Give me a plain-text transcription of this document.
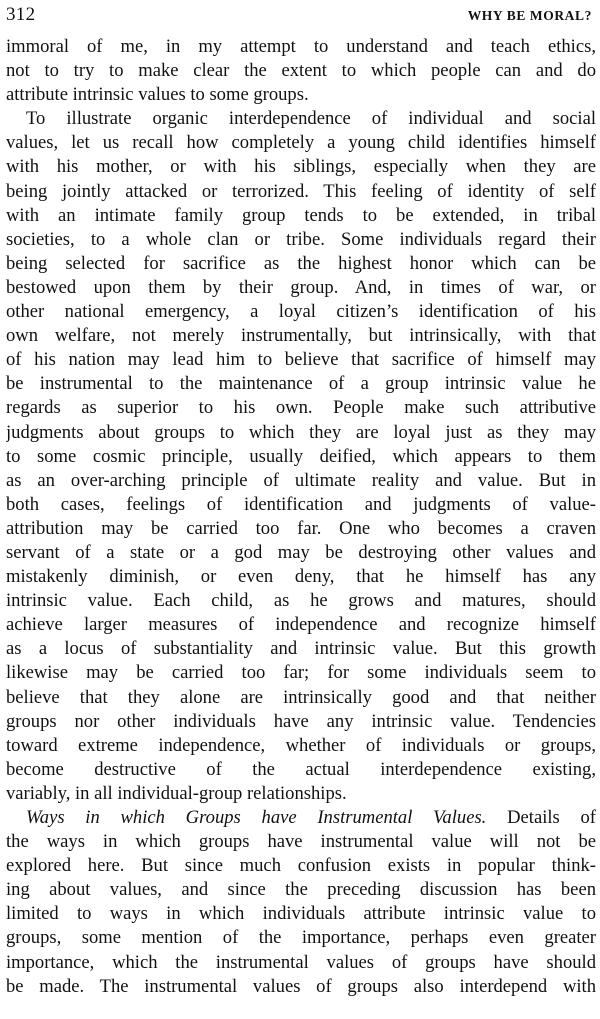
312	WHY BE MORAL?
immoral of me, in my attempt to understand and teach ethics,
not to try to make clear the extent to which people can and do
attribute intrinsic values to some groups.
To illustrate organic interdependence of individual and social
values, let us recall how completely a young child identifies himself
with his mother, or with his siblings, especially when they are
being jointly attacked or terrorized. This feeling of identity of self
with an intimate family group tends to be extended, in tribal
societies, to a whole clan or tribe. Some individuals regard their
being selected for sacrifice as the highest honor which can be
bestowed upon them by their group. And, in times of war, or
other national emergency, a loyal citizen’s identification of his
own welfare, not merely instrumentally, but intrinsically, with that
of his nation may lead him to believe that sacrifice of himself may
be instrumental to the maintenance of a group intrinsic value he
regards as superior to his own. People make such attributive
judgments about groups to which they are loyal just as they may
to some cosmic principle, usually deified, which appears to them
as an over-arching principle of ultimate reality and value. But in
both cases, feelings of identification and judgments of value-
attribution may be carried too far. One who becomes a craven
servant of a state or a god may be destroying other values and
mistakenly diminish, or even deny, that he himself has any
intrinsic value. Each child, as he grows and matures, should
achieve larger measures of independence and recognize himself
as a locus of substantiality and intrinsic value. But this growth
likewise may be carried too far; for some individuals seem to
believe that they alone are intrinsically good and that neither
groups nor other individuals have any intrinsic value. Tendencies
toward extreme independence, whether of individuals or groups,
become destructive of the actual interdependence existing,
variably, in all individual-group relationships.
Ways in which Groups have Instrumental Values. Details of
the ways in which groups have instrumental value will not be
explored here. But since much confusion exists in popular think-
ing about values, and since the preceding discussion has been
limited to ways in which individuals attribute intrinsic value to
groups, some mention of the importance, perhaps even greater
importance, which the instrumental values of groups have should
be made. The instrumental values of groups also interdepend with
